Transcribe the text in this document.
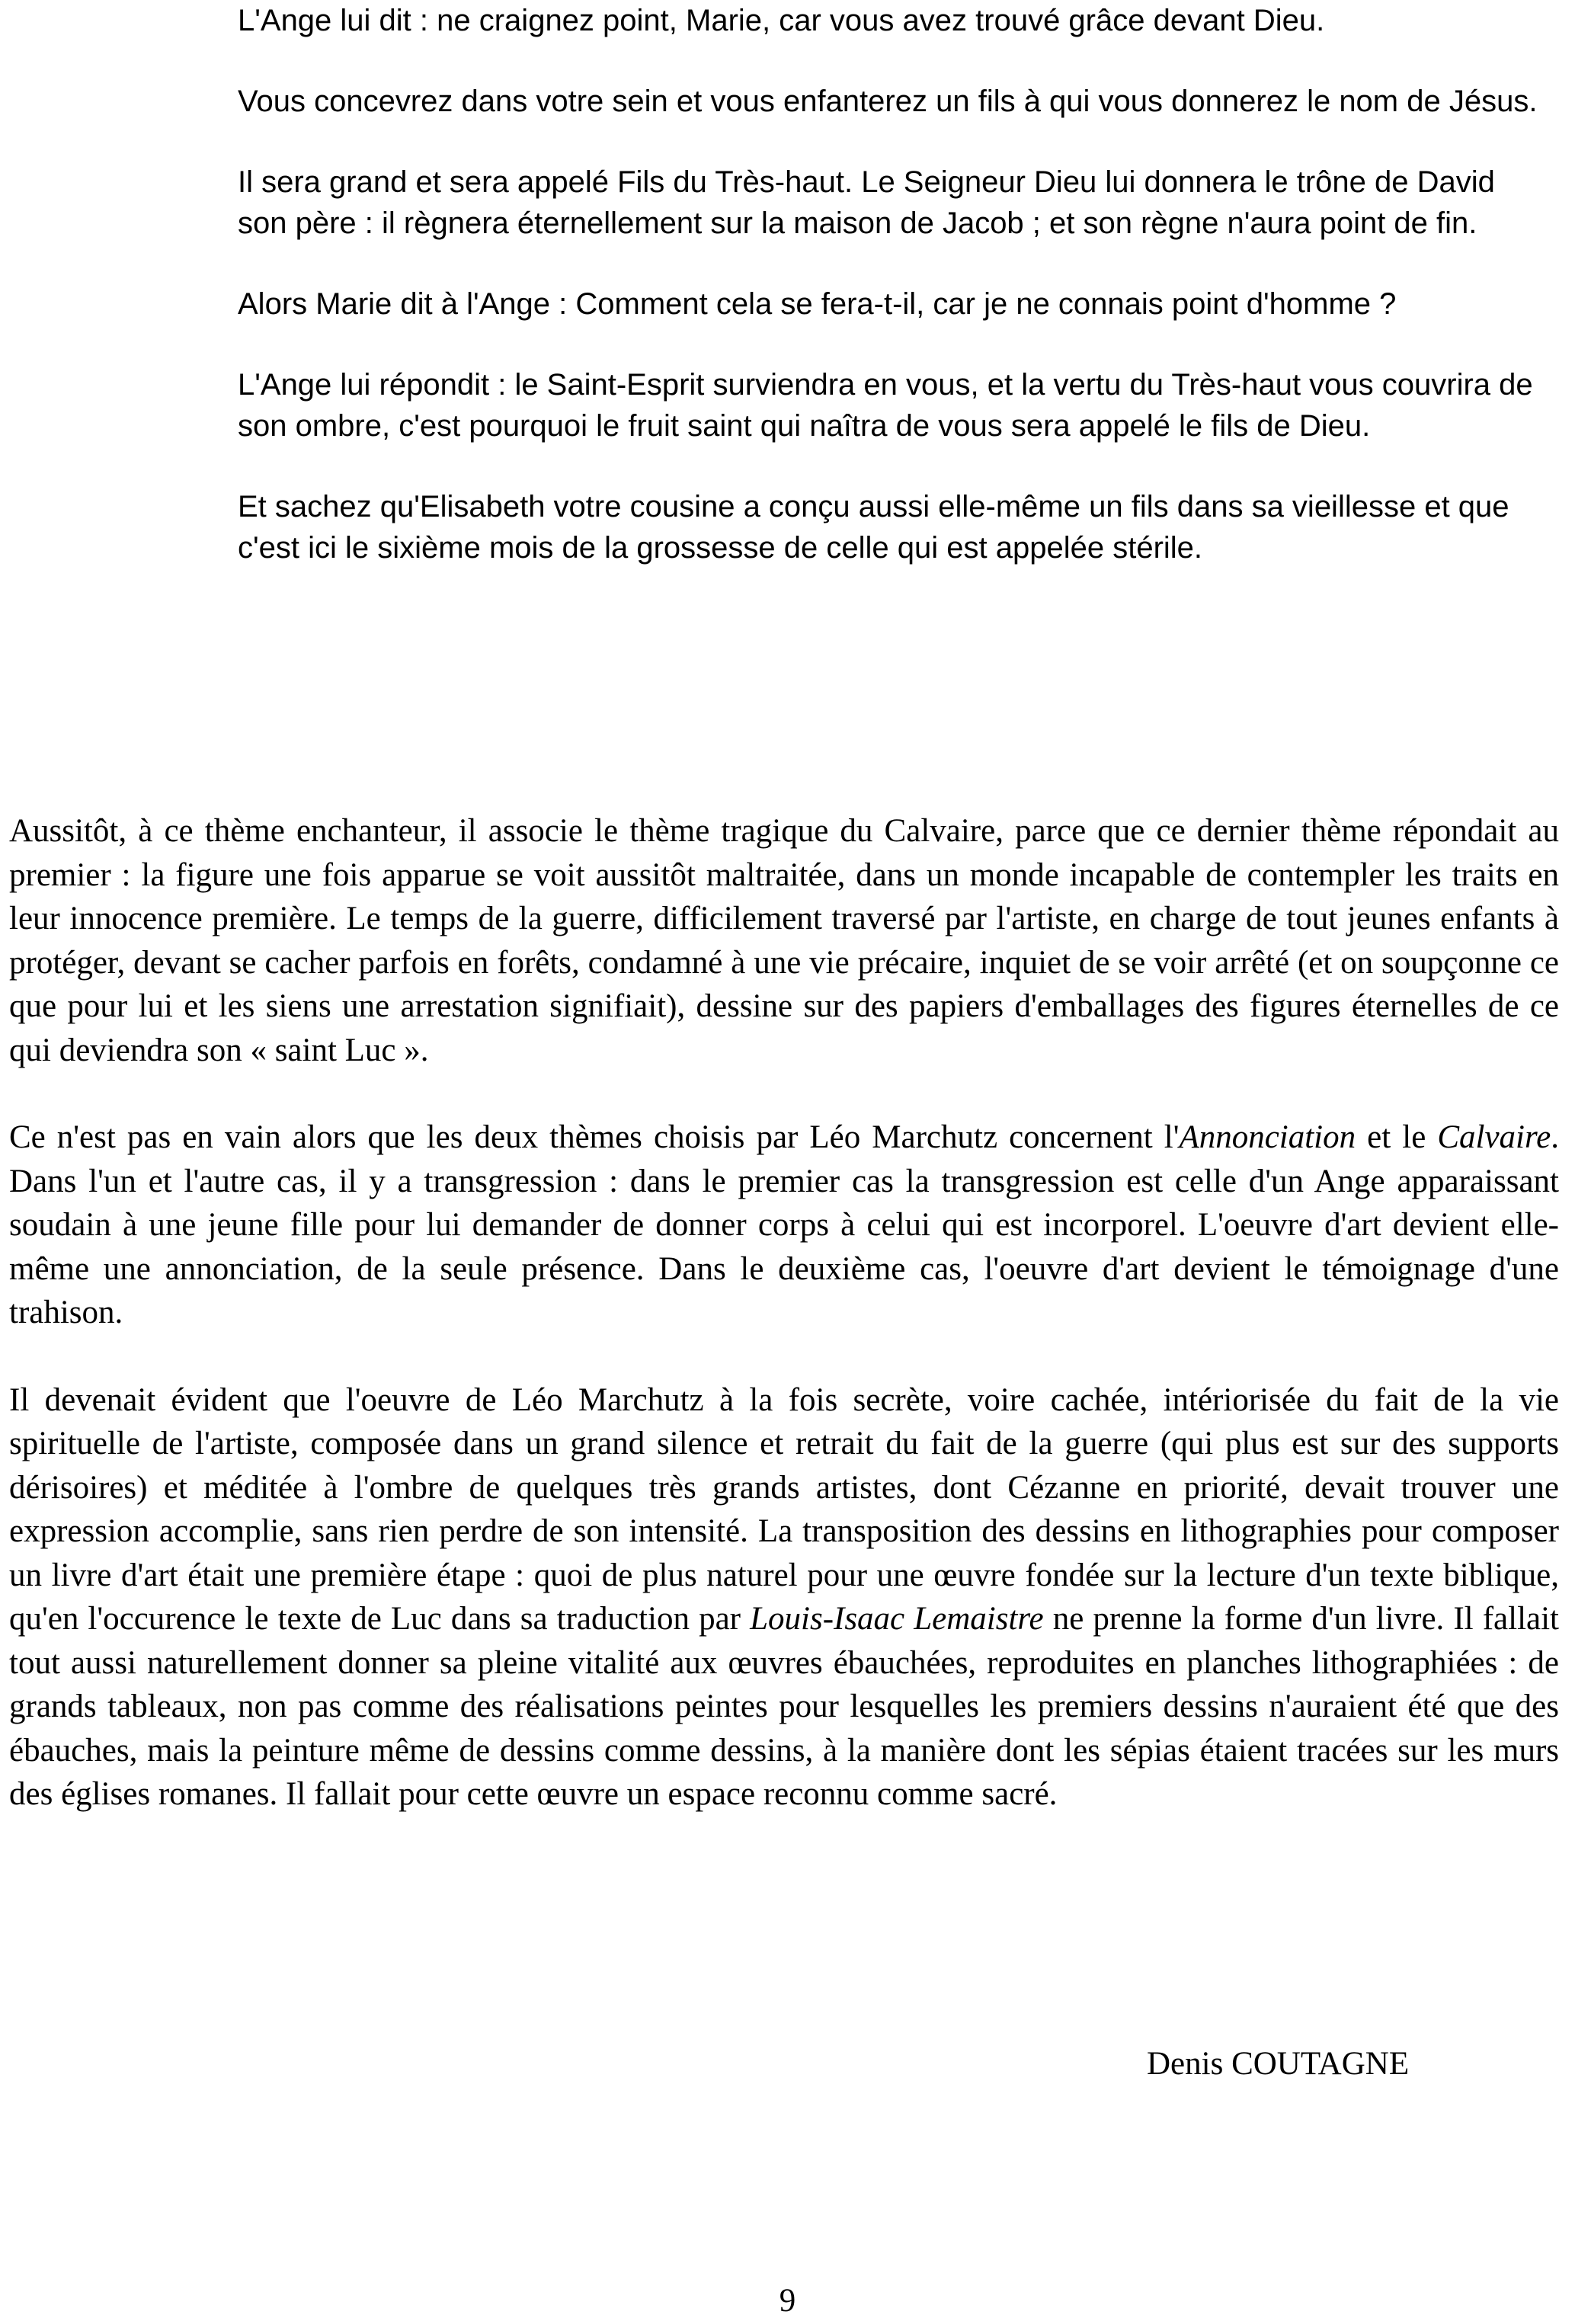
L'Ange lui dit : ne craignez point, Marie, car vous avez trouvé grâce devant Dieu.

Vous concevrez dans votre sein et vous enfanterez un fils à qui vous donnerez le nom de Jésus.

Il sera grand et sera appelé Fils du Très-haut. Le Seigneur Dieu lui donnera le trône de David son père : il règnera éternellement sur la maison de Jacob ; et son règne n'aura point de fin.

Alors Marie dit à l'Ange : Comment cela se fera-t-il, car je ne connais point d'homme ?

L'Ange lui répondit : le Saint-Esprit surviendra en vous, et la vertu du Très-haut vous couvrira de son ombre, c'est pourquoi le fruit saint qui naîtra de vous sera appelé le fils de Dieu.

Et sachez qu'Elisabeth votre cousine a conçu aussi elle-même un fils dans sa vieillesse et que c'est ici le sixième mois de la grossesse de celle qui est appelée stérile.

Aussitôt, à ce thème enchanteur, il associe le thème tragique du Calvaire, parce que ce dernier thème répondait au premier : la figure une fois apparue se voit aussitôt maltraitée, dans un monde incapable de contempler les traits en leur innocence première. Le temps de la guerre, difficilement traversé par l'artiste, en charge de tout jeunes enfants à protéger, devant se cacher parfois en forêts, condamné à une vie précaire, inquiet de se voir arrêté (et on soupçonne ce que pour lui et les siens une arrestation signifiait), dessine sur des papiers d'emballages des figures éternelles de ce qui deviendra son « saint Luc ».

Ce n'est pas en vain alors que les deux thèmes choisis par Léo Marchutz concernent l'Annonciation et le Calvaire. Dans l'un et l'autre cas, il y a transgression : dans le premier cas la transgression est celle d'un Ange apparaissant soudain à une jeune fille pour lui demander de donner corps à celui qui est incorporel. L'oeuvre d'art devient elle-même une annonciation, de la seule présence. Dans le deuxième cas, l'oeuvre d'art devient le témoignage d'une trahison.

Il devenait évident que l'oeuvre de Léo Marchutz à la fois secrète, voire cachée, intériorisée du fait de la vie spirituelle de l'artiste, composée dans un grand silence et retrait du fait de la guerre (qui plus est sur des supports dérisoires) et méditée à l'ombre de quelques très grands artistes, dont Cézanne en priorité, devait trouver une expression accomplie, sans rien perdre de son intensité. La transposition des dessins en lithographies pour composer un livre d'art était une première étape : quoi de plus naturel pour une œuvre fondée sur la lecture d'un texte biblique, qu'en l'occurence le texte de Luc dans sa traduction par Louis-Isaac Lemaistre ne prenne la forme d'un livre. Il fallait tout aussi naturellement donner sa pleine vitalité aux œuvres ébauchées, reproduites en planches lithographiées : de grands tableaux, non pas comme des réalisations peintes pour lesquelles les premiers dessins n'auraient été que des ébauches, mais la peinture même de dessins comme dessins, à la manière dont les sépias étaient tracées sur les murs des églises romanes. Il fallait pour cette œuvre un espace reconnu comme sacré.

Denis COUTAGNE
9
